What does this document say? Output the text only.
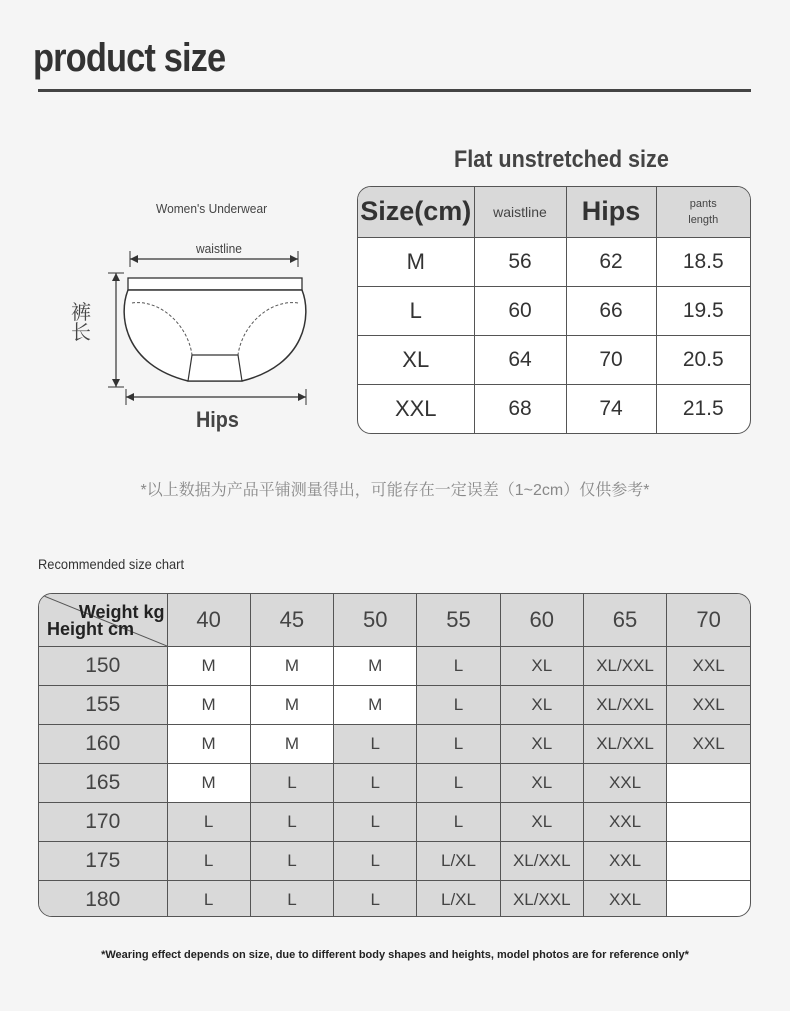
product size
Flat unstretched size
Women's Underwear
waistline
裤长
Hips
Size(cm)	waistline	Hips	pants
length

M	56	62	18.5
L	60	66	19.5
XL	64	70	20.5
XXL	68	74	21.5
*以上数据为产品平铺测量得出，可能存在一定误差（1~2cm）仅供参考*
Recommended size chart
Weight kg
Height cm	40	45	50	55	60	65	70
150	M	M	M	L	XL	XL/XXL	XXL
155	M	M	M	L	XL	XL/XXL	XXL
160	M	M	L	L	XL	XL/XXL	XXL
165	M	L	L	L	XL	XXL	
170	L	L	L	L	XL	XXL	
175	L	L	L	L/XL	XL/XXL	XXL	
180	L	L	L	L/XL	XL/XXL	XXL	
*Wearing effect depends on size, due to different body shapes and heights, model photos are for reference only*
